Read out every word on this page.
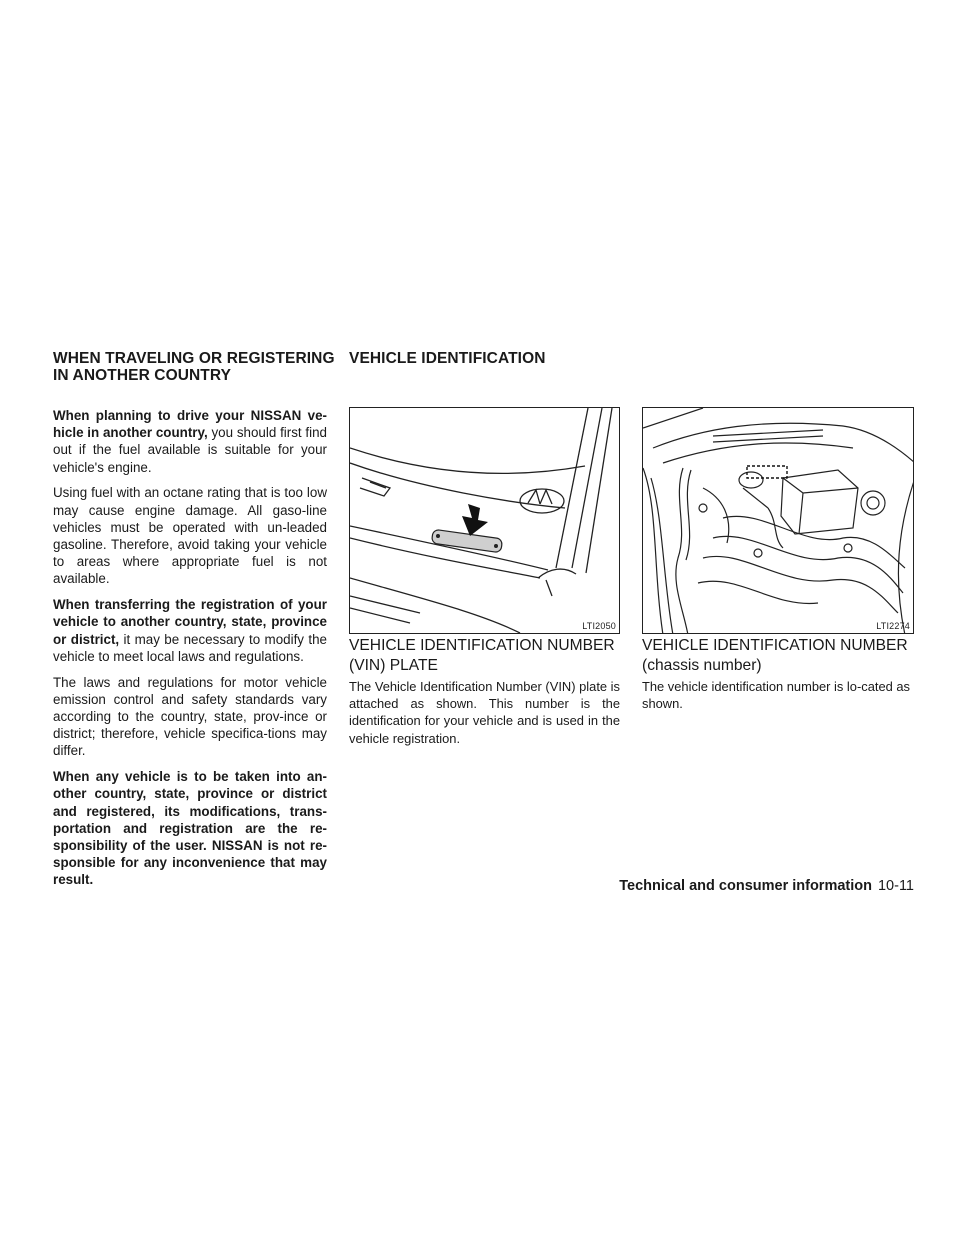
WHEN TRAVELING OR REGISTERING
IN ANOTHER COUNTRY
VEHICLE IDENTIFICATION

When planning to drive your NISSAN ve-hicle in another country, you should first find out if the fuel available is suitable for your vehicle's engine.

Using fuel with an octane rating that is too low may cause engine damage. All gaso-line vehicles must be operated with un-leaded gasoline. Therefore, avoid taking your vehicle to areas where appropriate fuel is not available.

When transferring the registration of your vehicle to another country, state, province or district, it may be necessary to modify the vehicle to meet local laws and regulations.

The laws and regulations for motor vehicle emission control and safety standards vary according to the country, state, prov-ince or district; therefore, vehicle specifica-tions may differ.

When any vehicle is to be taken into an-other country, state, province or district and registered, its modifications, trans-portation and registration are the re-sponsibility of the user. NISSAN is not re-sponsible for any inconvenience that may result.

LTI2050	LTI2274
VEHICLE IDENTIFICATION NUMBER
(VIN) PLATE
VEHICLE IDENTIFICATION NUMBER
(chassis number)
The Vehicle Identification Number (VIN) plate is attached as shown. This number is the identification for your vehicle and is used in the vehicle registration.
The vehicle identification number is lo-cated as shown.
Technical and consumer information 10-11
